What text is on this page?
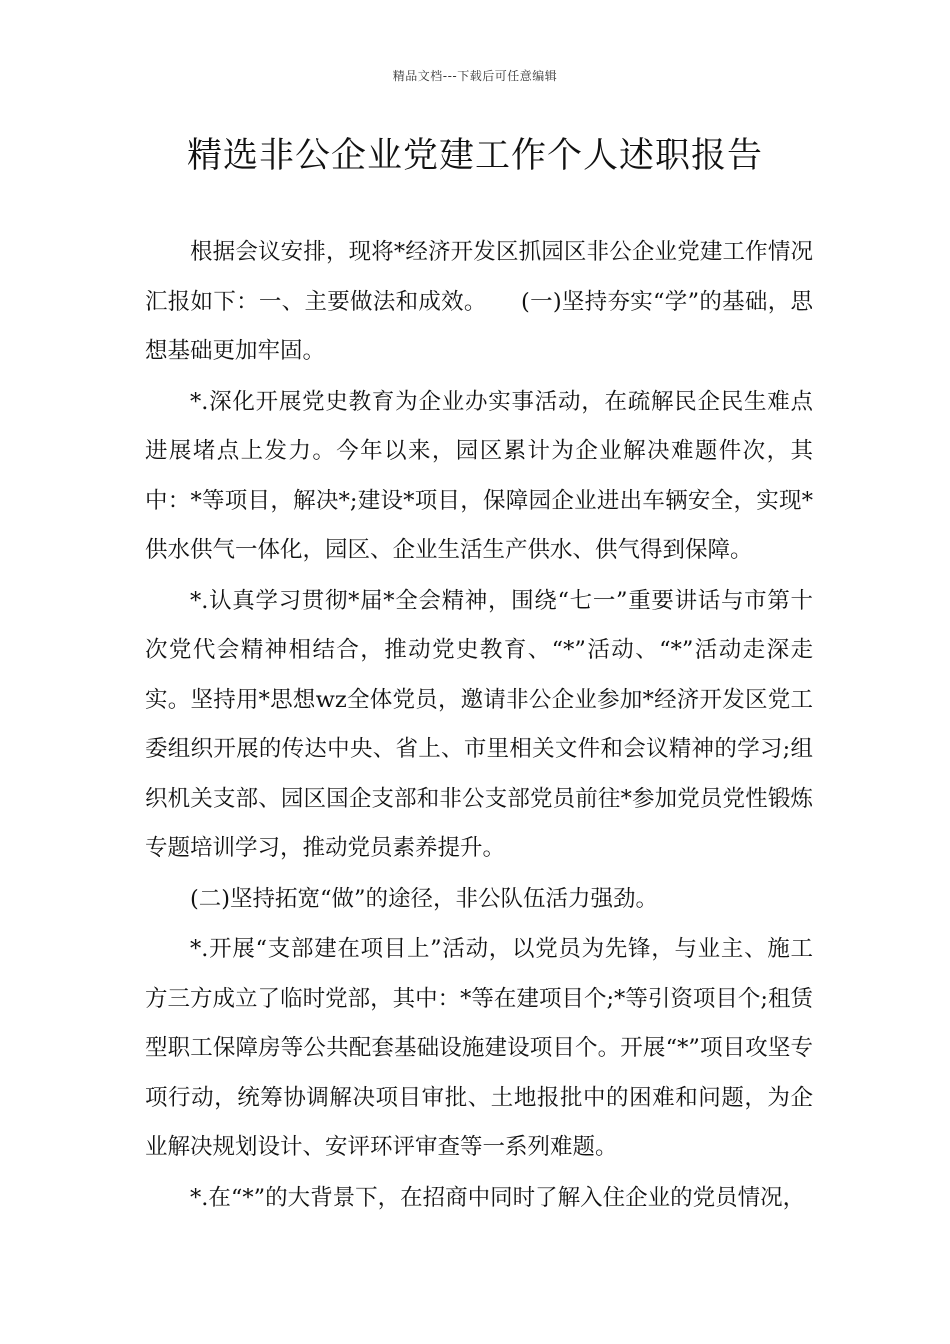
精品文档---下载后可任意编辑
精选非公企业党建工作个人述职报告

根据会议安排，现将*经济开发区抓园区非公企业党建工作情况汇报如下：一、主要做法和成效。　　(一)坚持夯实“学”的基础，思想基础更加牢固。

*.深化开展党史教育为企业办实事活动，在疏解民企民生难点进展堵点上发力。今年以来，园区累计为企业解决难题件次，其中：*等项目，解决*;建设*项目，保障园企业进出车辆安全，实现*供水供气一体化，园区、企业生活生产供水、供气得到保障。

*.认真学习贯彻*届*全会精神，围绕“七一”重要讲话与市第十次党代会精神相结合，推动党史教育、“*”活动、“*”活动走深走实。坚持用*思想wz全体党员，邀请非公企业参加*经济开发区党工委组织开展的传达中央、省上、市里相关文件和会议精神的学习;组织机关支部、园区国企支部和非公支部党员前往*参加党员党性锻炼专题培训学习，推动党员素养提升。

(二)坚持拓宽“做”的途径，非公队伍活力强劲。

*.开展“支部建在项目上”活动，以党员为先锋，与业主、施工方三方成立了临时党部，其中：*等在建项目个;*等引资项目个;租赁型职工保障房等公共配套基础设施建设项目个。开展“*”项目攻坚专项行动，统筹协调解决项目审批、土地报批中的困难和问题，为企业解决规划设计、安评环评审查等一系列难题。

*.在“*”的大背景下，在招商中同时了解入住企业的党员情况，
